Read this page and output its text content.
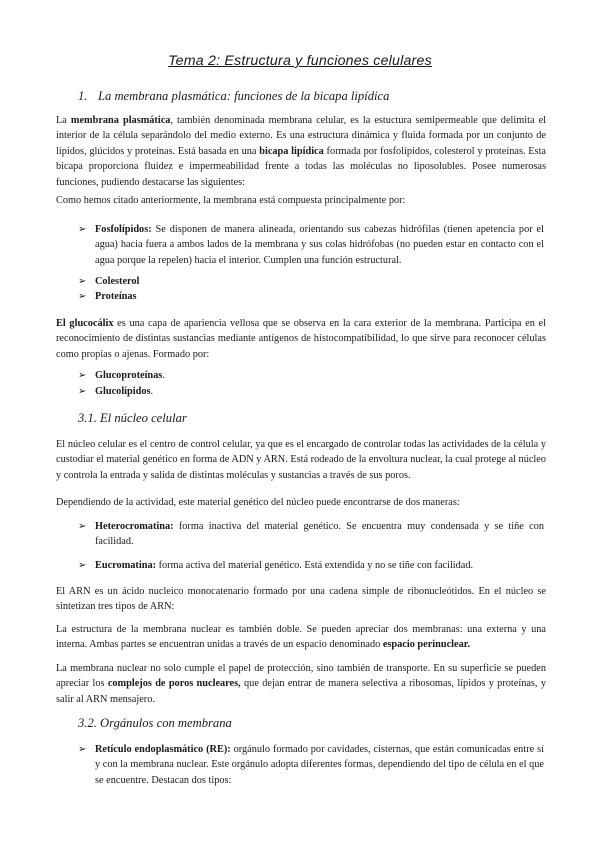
Tema 2: Estructura y funciones celulares
1. La membrana plasmática: funciones de la bicapa lipídica

La membrana plasmática, también denominada membrana celular, es la estuctura semipermeable que delimita el interior de la célula separándolo del medio externo. Es una estructura dinámica y fluida formada por un conjunto de lípidos, glúcidos y proteínas. Está basada en una bicapa lipídica formada por fosfolípidos, colesterol y proteínas. Esta bicapa proporciona fluidez e impermeabilidad frente a todas las moléculas no liposolubles. Posee numerosas funciones, pudiendo destacarse las siguientes:

Como hemos citado anteriormente, la membrana está compuesta principalmente por:

➢ Fosfolípidos: Se disponen de manera alineada, orientando sus cabezas hidrófilas (tienen apetencia por el agua) hacia fuera a ambos lados de la membrana y sus colas hidrófobas (no pueden estar en contacto con el agua porque la repelen) hacia el interior. Cumplen una función estructural.
➢ Colesterol
➢ Proteínas

El glucocálix es una capa de apariencia vellosa que se observa en la cara exterior de la membrana. Participa en el reconocimiento de distintas sustancias mediante antígenos de histocompatibilidad, lo que sirve para reconocer células como propias o ajenas. Formado por:

➢ Glucoproteínas.
➢ Glucolípidos.
3.1. El núcleo celular

El núcleo celular es el centro de control celular, ya que es el encargado de controlar todas las actividades de la célula y custodiar el material genético en forma de ADN y ARN. Está rodeado de la envoltura nuclear, la cual protege al núcleo y controla la entrada y salida de distintas moléculas y sustancias a través de sus poros.

Dependiendo de la actividad, este material genético del núcleo puede encontrarse de dos maneras:

➢ Heterocromatina: forma inactiva del material genético. Se encuentra muy condensada y se tiñe con facilidad.
➢ Eucromatina: forma activa del material genético. Está extendida y no se tiñe con facilidad.

El ARN es un ácido nucleico monocatenario formado por una cadena simple de ribonucleótidos. En el núcleo se sintetizan tres tipos de ARN:

La estructura de la membrana nuclear es también doble. Se pueden apreciar dos membranas: una externa y una interna. Ambas partes se encuentran unidas a través de un espacio denominado espacio perinuclear.

La membrana nuclear no solo cumple el papel de protección, sino también de transporte. En su superficie se pueden apreciar los complejos de poros nucleares, que dejan entrar de manera selectiva a ribosomas, lípidos y proteínas, y salir al ARN mensajero.

3.2. Orgánulos con membrana
➢ Retículo endoplasmático (RE): orgánulo formado por cavidades, cisternas, que están comunicadas entre sí y con la membrana nuclear. Este orgánulo adopta diferentes formas, dependiendo del tipo de célula en el que se encuentre. Destacan dos tipos:
